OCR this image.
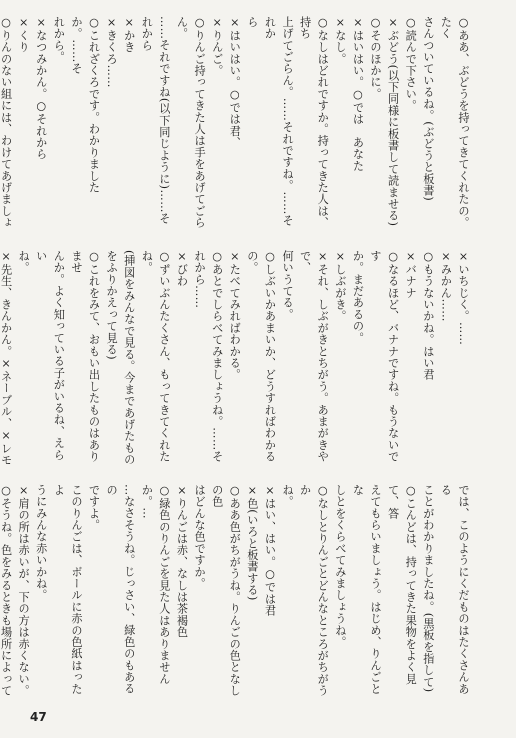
○ああ、ぶどうを持ってきてくれたの。たく
さんついているね。(ぶどうと板書)
○読んで下さい。
×ぶどう(以下同様に板書して読ませる)
○そのほかに。
×はいはい。○では　あなた
×なし。
○なしはどれですか。持ってきた人は、持ち
上げてごらん。……それですね。……それか
ら
×はいはい。○では君、
×りんご。
○りんご持ってきた人は手をあげてごらん。
……それですね(以下同じように)……そ
れから
×かき
×きくろ……
○これざくろです。わかりましたか。……そ
れから。
×なつみかん。○それから
×くり
○りんのない組には、わけてあげましょ
×いちじく。……
×みかん……
○もうないかね。はい君
×バナナ
○なるほど、バナナですね。もうないです
か。まだあるの。
×しぶがき。
×それ、しぶがきとちがう。あまがきやで、
何いうてる。
○しぶいかあまいか、どうすればわかるの。
×たべてみればわかる。
○あとでしらべてみましょうね。……それから……
×びわ
○ずいぶんたくさん、もってきてくれたね。
(挿図をみんなで見る。今まであげたもの
をふりかえって見る)
○これをみて、おもい出したものはありませ
んか。よく知っている子がいるね、えらい
ね。
×先生、きんかん。×ネーブル、×レモ
では、このようにくだものはたくさんある
ことがわかりましたね。(黒板を指して)
○こんどは、持ってきた果物をよく見て、答
えてもらいましょう。はじめ、りんごとな
しとをくらべてみましょうね。
○なしとりんごとどんなところがちがうか
ね。
×はい、はい。○では君
×色(いろと板書する)
○ああ色がちがうね。りんごの色となしの色
はどんな色ですか。
×りんごは赤、なしは茶褐色
○緑色のりんごを見た人はありませんか。…
…なさそうね。じっさい、緑色のもあるの
ですよ。
このりんごは、ボールに赤の色紙はったよ
うにみんな赤いかね。
×肩の所は赤いが、下の方は赤くない。
○そうね。色をみるときも場所によって
47
